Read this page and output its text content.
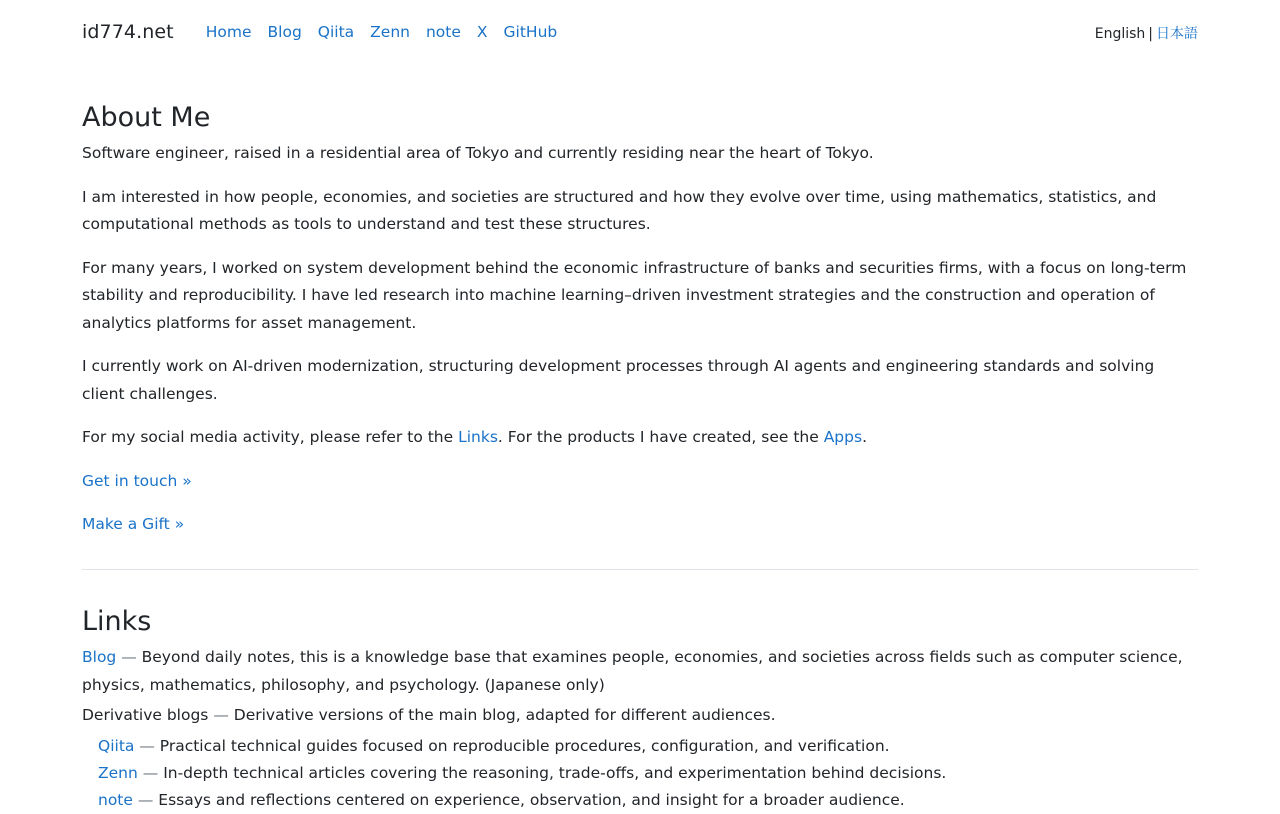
id774.net Home Blog Qiita Zenn note X GitHub	English | 日本語
About Me

Software engineer, raised in a residential area of Tokyo and currently residing near the heart of Tokyo.

I am interested in how people, economies, and societies are structured and how they evolve over time, using mathematics, statistics, and computational methods as tools to understand and test these structures.

For many years, I worked on system development behind the economic infrastructure of banks and securities firms, with a focus on long-term stability and reproducibility. I have led research into machine learning–driven investment strategies and the construction and operation of analytics platforms for asset management.

I currently work on AI-driven modernization, structuring development processes through AI agents and engineering standards and solving client challenges.

For my social media activity, please refer to the Links. For the products I have created, see the Apps.

Get in touch »

Make a Gift »

Links
Blog — Beyond daily notes, this is a knowledge base that examines people, economies, and societies across fields such as computer science, physics, mathematics, philosophy, and psychology. (Japanese only)
Derivative blogs — Derivative versions of the main blog, adapted for different audiences.
Qiita — Practical technical guides focused on reproducible procedures, configuration, and verification.
Zenn — In-depth technical articles covering the reasoning, trade-offs, and experimentation behind decisions.
note — Essays and reflections centered on experience, observation, and insight for a broader audience.
